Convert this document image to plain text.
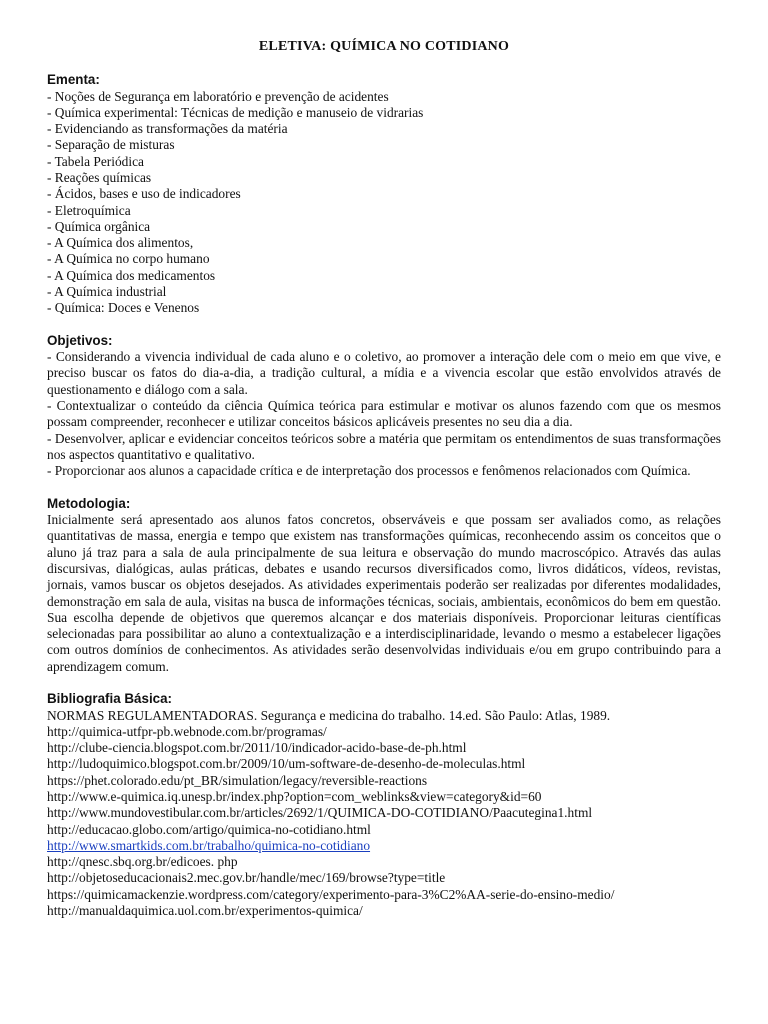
ELETIVA: QUÍMICA NO COTIDIANO
Ementa:
- Noções de Segurança em laboratório e prevenção de acidentes
- Química experimental: Técnicas de medição e manuseio de vidrarias
- Evidenciando as transformações da matéria
- Separação de misturas
- Tabela Periódica
- Reações químicas
- Ácidos, bases e uso de indicadores
- Eletroquímica
- Química orgânica
- A Química dos alimentos,
- A Química no corpo humano
- A Química dos medicamentos
- A Química industrial
- Química: Doces e Venenos
Objetivos:
- Considerando a vivencia individual de cada aluno e o coletivo, ao promover a interação dele com o meio em que vive, e preciso buscar os fatos do dia-a-dia, a tradição cultural, a mídia e a vivencia escolar que estão envolvidos através de questionamento e diálogo com a sala.
- Contextualizar o conteúdo da ciência Química teórica para estimular e motivar os alunos fazendo com que os mesmos possam compreender, reconhecer e utilizar conceitos básicos aplicáveis presentes no seu dia a dia.
- Desenvolver, aplicar e evidenciar conceitos teóricos sobre a matéria que permitam os entendimentos de suas transformações nos aspectos quantitativo e qualitativo.
- Proporcionar aos alunos a capacidade crítica e de interpretação dos processos e fenômenos relacionados com Química.
Metodologia:
Inicialmente será apresentado aos alunos fatos concretos, observáveis e que possam ser avaliados como, as relações quantitativas de massa, energia e tempo que existem nas transformações químicas, reconhecendo assim os conceitos que o aluno já traz para a sala de aula principalmente de sua leitura e observação do mundo macroscópico. Através das aulas discursivas, dialógicas, aulas práticas, debates e usando recursos diversificados como, livros didáticos, vídeos, revistas, jornais, vamos buscar os objetos desejados. As atividades experimentais poderão ser realizadas por diferentes modalidades, demonstração em sala de aula, visitas na busca de informações técnicas, sociais, ambientais, econômicos do bem em questão. Sua escolha depende de objetivos que queremos alcançar e dos materiais disponíveis. Proporcionar leituras científicas selecionadas para possibilitar ao aluno a contextualização e a interdisciplinaridade, levando o mesmo a estabelecer ligações com outros domínios de conhecimentos. As atividades serão desenvolvidas individuais e/ou em grupo contribuindo para a aprendizagem comum.
Bibliografia Básica:
NORMAS REGULAMENTADORAS. Segurança e medicina do trabalho. 14.ed. São Paulo: Atlas, 1989.
http://quimica-utfpr-pb.webnode.com.br/programas/
http://clube-ciencia.blogspot.com.br/2011/10/indicador-acido-base-de-ph.html
http://ludoquimico.blogspot.com.br/2009/10/um-software-de-desenho-de-moleculas.html
https://phet.colorado.edu/pt_BR/simulation/legacy/reversible-reactions
http://www.e-quimica.iq.unesp.br/index.php?option=com_weblinks&view=category&id=60
http://www.mundovestibular.com.br/articles/2692/1/QUIMICA-DO-COTIDIANO/Paacutegina1.html
http://educacao.globo.com/artigo/quimica-no-cotidiano.html
http://www.smartkids.com.br/trabalho/quimica-no-cotidiano
http://qnesc.sbq.org.br/edicoes. php
http://objetoseducacionais2.mec.gov.br/handle/mec/169/browse?type=title
https://quimicamackenzie.wordpress.com/category/experimento-para-3%C2%AA-serie-do-ensino-medio/
http://manualdaquimica.uol.com.br/experimentos-quimica/
